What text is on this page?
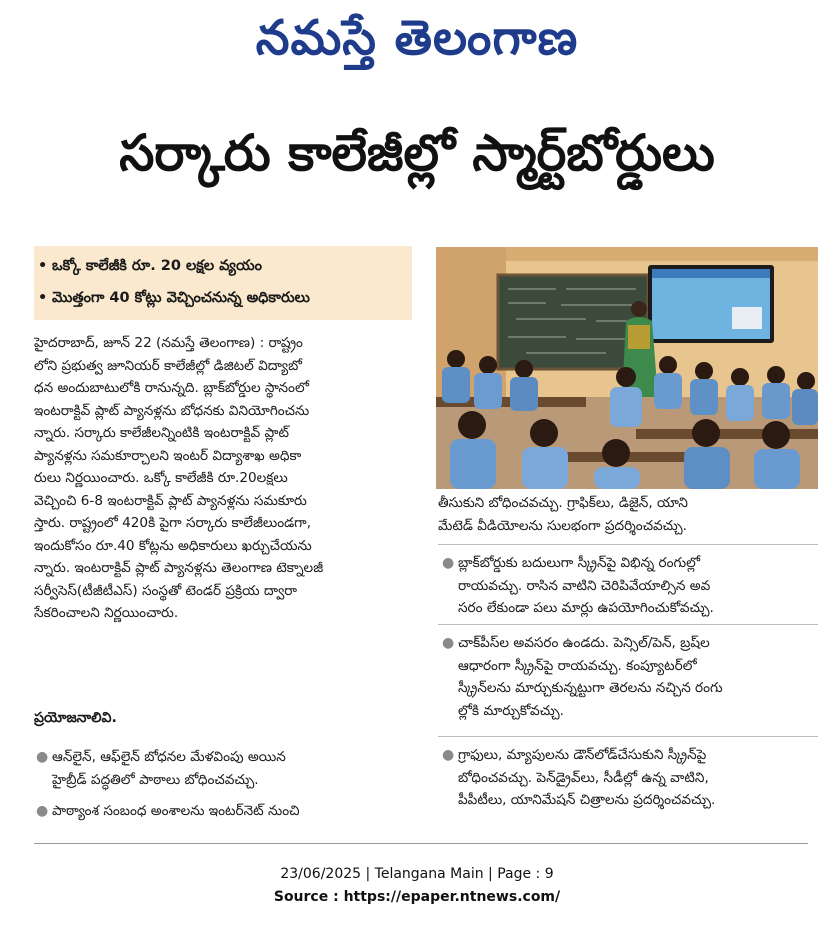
నమస్తే తెలంగాణ
సర్కారు కాలేజీల్లో స్మార్ట్‌బోర్డులు
• ఒక్కో కాలేజీకి రూ. 20 లక్షల వ్యయం
• మొత్తంగా 40 కోట్లు వెచ్చించనున్న అధికారులు
హైదరాబాద్, జూన్ 22 (నమస్తే తెలంగాణ) : రాష్ట్రం
లోని ప్రభుత్వ జూనియర్ కాలేజీల్లో డిజిటల్ విద్యాబో
ధన అందుబాటులోకి రానున్నది. బ్లాక్‌బోర్డుల స్థానంలో
ఇంటరాక్టివ్ ప్లాట్ ప్యానళ్లను బోధనకు వినియోగించను
న్నారు. సర్కారు కాలేజీలన్నింటికి ఇంటరాక్టివ్ ప్లాట్
ప్యానళ్లను సమకూర్చాలని ఇంటర్ విద్యాశాఖ అధికా
రులు నిర్ణయించారు. ఒక్కో కాలేజీకి రూ.20లక్షలు
వెచ్చించి 6-8 ఇంటరాక్టివ్ ప్లాట్ ప్యానళ్లను సమకూరు
స్తారు. రాష్ట్రంలో 420కి పైగా సర్కారు కాలేజీలుండగా,
ఇందుకోసం రూ.40 కోట్లను అధికారులు ఖర్చుచేయను
న్నారు. ఇంటరాక్టివ్ ప్లాట్ ప్యానళ్లను తెలంగాణ టెక్నాలజీ
సర్వీసెస్(టీజీటీఎస్) సంస్థతో టెండర్ ప్రక్రియ ద్వారా
సేకరించాలని నిర్ణయించారు.
ప్రయోజనాలివి.
● ఆన్‌లైన్, ఆఫ్‌లైన్ బోధనల మేళవింపు అయిన
హైబ్రీడ్ పద్ధతిలో పాఠాలు బోధించవచ్చు.
● పాఠ్యాంశ సంబంధ అంశాలను ఇంటర్‌నెట్ నుంచి
తీసుకుని బోధించవచ్చు. గ్రాఫిక్‌లు, డిజైన్, యాని
మేటెడ్ వీడియోలను సులభంగా ప్రదర్శించవచ్చు.
● బ్లాక్‌బోర్డుకు బదులుగా స్క్రీన్‌పై విభిన్న రంగుల్లో
రాయవచ్చు. రాసిన వాటిని చెరిపివేయాల్సిన అవ
సరం లేకుండా పలు మార్లు ఉపయోగించుకోవచ్చు.
● చాక్‌పీస్‌ల అవసరం ఉండదు. పెన్సిల్/పెన్, బ్రష్‌ల
ఆధారంగా స్క్రీన్‌పై రాయవచ్చు. కంప్యూటర్‌లో
స్క్రీన్‌లను మార్చుకున్నట్టుగా తెరలను నచ్చిన రంగు
ల్లోకి మార్చుకోవచ్చు.
● గ్రాఫులు, మ్యాపులను డౌన్‌లోడ్‌చేసుకుని స్క్రీన్‌పై
బోధించవచ్చు. పెన్‌డ్రైవ్‌లు, సీడీల్లో ఉన్న వాటిని,
పీపీటీలు, యానిమేషన్ చిత్రాలను ప్రదర్శించవచ్చు.
23/06/2025 | Telangana Main | Page : 9
Source : https://epaper.ntnews.com/
